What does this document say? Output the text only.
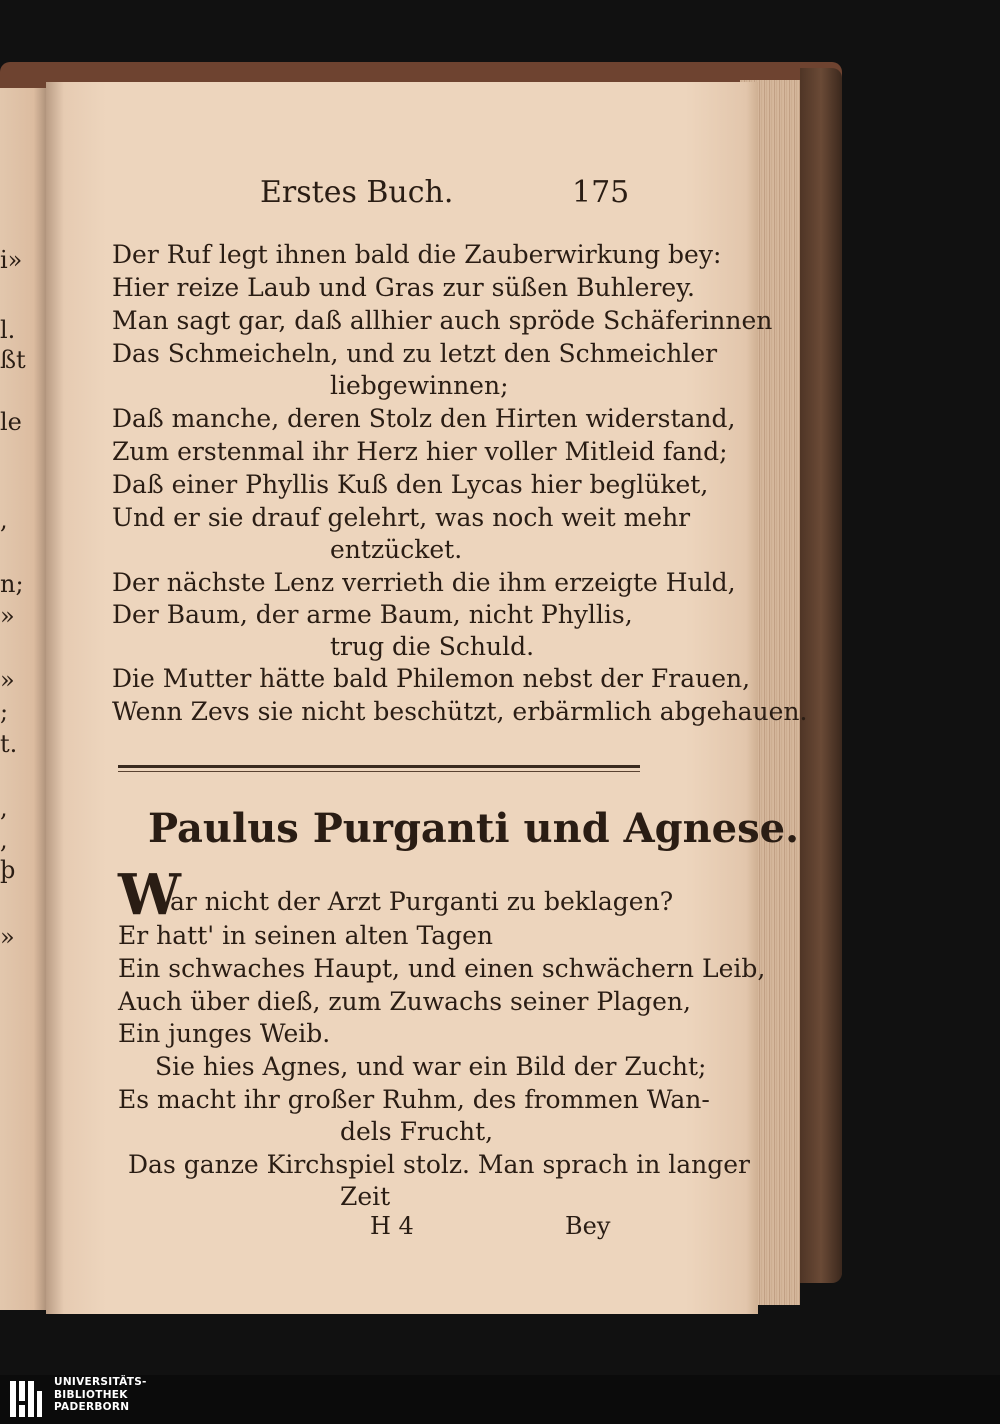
i»
l.
ßt
le
,
n;
»
»
;
t.
,
,
þ
»
Erstes Buch.	175
Der Ruf legt ihnen bald die Zauberwirkung bey:
Hier reize Laub und Gras zur süßen Buhlerey.
Man sagt gar, daß allhier auch spröde Schäferinnen
Das Schmeicheln, und zu letzt den Schmeichler
liebgewinnen;
Daß manche, deren Stolz den Hirten widerstand,
Zum erstenmal ihr Herz hier voller Mitleid fand;
Daß einer Phyllis Kuß den Lycas hier beglüket,
Und er sie drauf gelehrt, was noch weit mehr
entzücket.
Der nächste Lenz verrieth die ihm erzeigte Huld,
Der Baum, der arme Baum, nicht Phyllis,
trug die Schuld.
Die Mutter hätte bald Philemon nebst der Frauen,
Wenn Zevs sie nicht beschützt, erbärmlich abgehauen.
Paulus Purganti und Agnese.
W
ar nicht der Arzt Purganti zu beklagen?
Er hatt' in seinen alten Tagen
Ein schwaches Haupt, und einen schwächern Leib,
Auch über dieß, zum Zuwachs seiner Plagen,
Ein junges Weib.
Sie hies Agnes, und war ein Bild der Zucht;
Es macht ihr großer Ruhm, des frommen Wan-
dels Frucht,
Das ganze Kirchspiel stolz. Man sprach in langer
Zeit
H 4	Bey
UNIVERSITÄTS-
BIBLIOTHEK
PADERBORN
